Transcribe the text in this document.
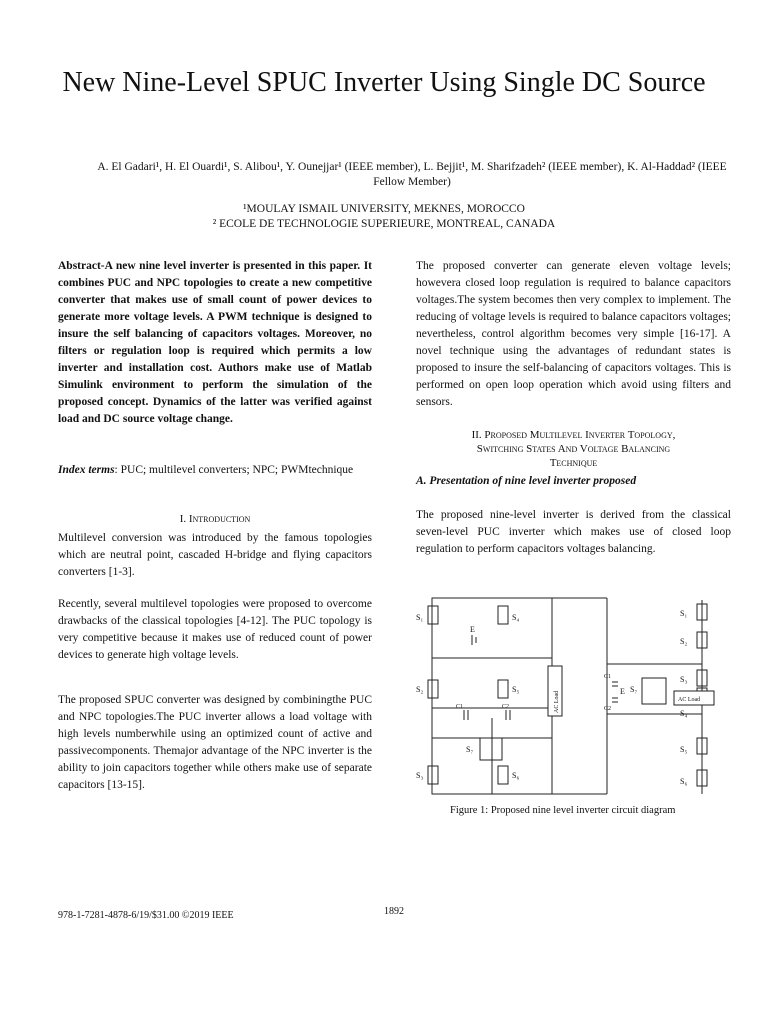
New Nine-Level SPUC Inverter Using Single DC Source
A. El Gadari¹, H. El Ouardi¹, S. Alibou¹, Y. Ounejjar¹ (IEEE member), L. Bejjit¹, M. Sharifzadeh² (IEEE member), K. Al-Haddad² (IEEE Fellow Member)
¹MOULAY ISMAIL UNIVERSITY, MEKNES, MOROCCO
² ECOLE DE TECHNOLOGIE SUPERIEURE, MONTREAL, CANADA
Abstract-A new nine level inverter is presented in this paper. It combines PUC and NPC topologies to create a new competitive converter that makes use of small count of power devices to generate more voltage levels. A PWM technique is designed to insure the self balancing of capacitors voltages. Moreover, no filters or regulation loop is required which permits a low inverter and installation cost. Authors make use of Matlab Simulink environment to perform the simulation of the proposed concept. Dynamics of the latter was verified against load and DC source voltage change.
Index terms: PUC; multilevel converters; NPC; PWMtechnique
I. Introduction
Multilevel conversion was introduced by the famous topologies which are neutral point, cascaded H-bridge and flying capacitors converters [1-3].
Recently, several multilevel topologies were proposed to overcome drawbacks of the classical topologies [4-12]. The PUC topology is very competitive because it makes use of reduced count of power devices to generate high voltage levels.
The proposed SPUC converter was designed by combiningthe PUC and NPC topologies.The PUC inverter allows a load voltage with high levels numberwhile using an optimized count of active and passivecomponents. Themajor advantage of the NPC inverter is the ability to join capacitors together while others make use of separate capacitors [13-15].
The proposed converter can generate eleven voltage levels; howevera closed loop regulation is required to balance capacitors voltages.The system becomes then very complex to implement. The reducing of voltage levels is required to balance capacitors voltages; nevertheless, control algorithm becomes very simple [16-17]. A novel technique using the advantages of redundant states is proposed to insure the self-balancing of capacitors voltages. This is performed on open loop operation which avoid using filters and sensors.
II. Proposed Multilevel Inverter Topology,
Switching States And Voltage Balancing
Technique
A. Presentation of nine level inverter proposed
The proposed nine-level inverter is derived from the classical seven-level PUC inverter which makes use of closed loop regulation to perform capacitors voltages balancing.
S₁	S₄
S₂	S₅
S₇
S₃	S₆
E
C1	C2	AC Load
S₁
S₂
S₃
S₄
S₅
S₆
S₇
C1
C2
E
AC Load
Figure 1: Proposed nine level inverter circuit diagram
978-1-7281-4878-6/19/$31.00 ©2019 IEEE	1892
